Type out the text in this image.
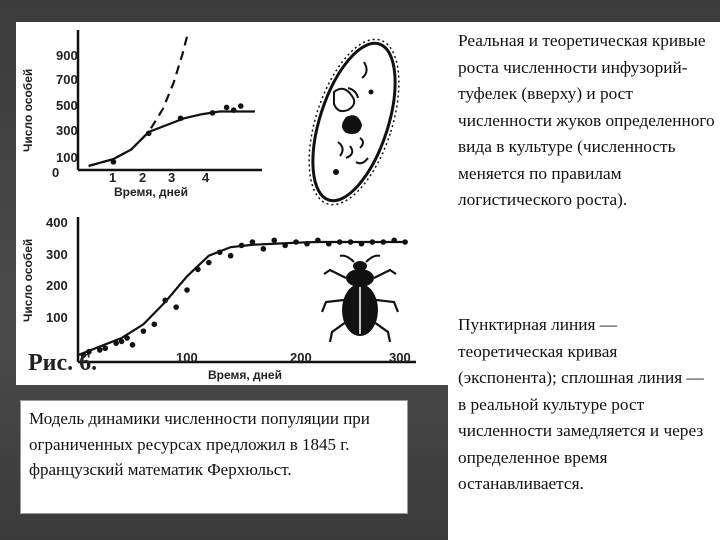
900
700
500
300
100
0	1 2 3 4
Время, дней
Число особей
400
300
200
100
100	200	300
Время, дней
Число особей
Рис. 6.
Модель динамики численности популяции при ограниченных ресурсах предложил в 1845 г. французский математик Ферхюльст.
Реальная и теоретическая кривые роста численности инфузорий-туфелек (вверху) и рост численности жуков определенного вида в культуре (численность меняется по правилам логистического роста).
Пунктирная линия — теоретическая кривая (экспонента); сплошная линия — в реальной культуре рост численности замедляется и через определенное время останавливается.
